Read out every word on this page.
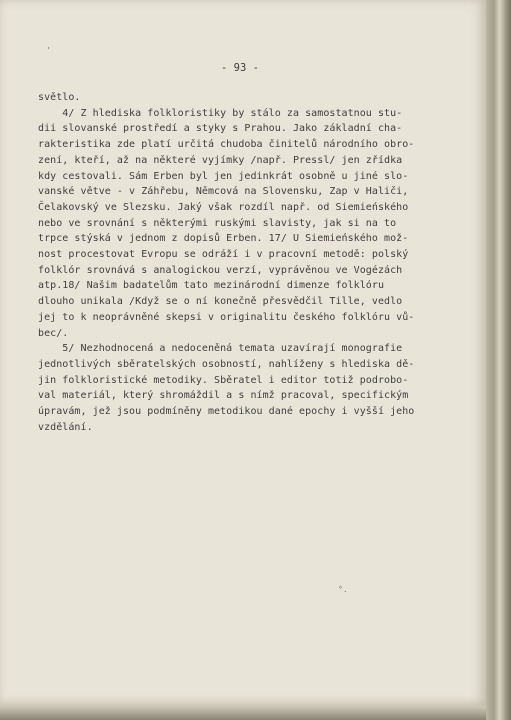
- 93 -
světlo.
4/ Z hlediska folkloristiky by stálo za samostatnou stu-
dii slovanské prostředí a styky s Prahou. Jako základní cha-
rakteristika zde platí určitá chudoba činitelů národního obro-
zení, kteří, až na některé vyjímky /např. Pressl/ jen zřídka
kdy cestovali. Sám Erben byl jen jedinkrát osobně u jiné slo-
vanské větve - v Záhřebu, Němcová na Slovensku, Zap v Haliči,
Čelakovský ve Slezsku. Jaký však rozdíl např. od Siemieńského
nebo ve srovnání s některými ruskými slavisty, jak si na to
trpce stýská v jednom z dopisů Erben. 17/ U Siemieńského mož-
nost procestovat Evropu se odráží i v pracovní metodě: polský
folklór srovnává s analogickou verzí, vyprávěnou ve Vogézách
atp.18/ Našim badatelům tato mezinárodní dimenze folklóru
dlouho unikala /Když se o ní konečně přesvědčil Tille, vedlo
jej to k neoprávněné skepsi v originalitu českého folklóru vů-
bec/.
5/ Nezhodnocená a nedoceněná temata uzavírají monografie
jednotlivých sběratelských osobností, nahlíženy s hlediska dě-
jin folkloristické metodiky. Sběratel i editor totiž podrobo-
val materiál, který shromáždil a s nímž pracoval, specifickým
úpravám, jež jsou podmíněny metodikou dané epochy i vyšší jeho
vzdělání.
'
°.
